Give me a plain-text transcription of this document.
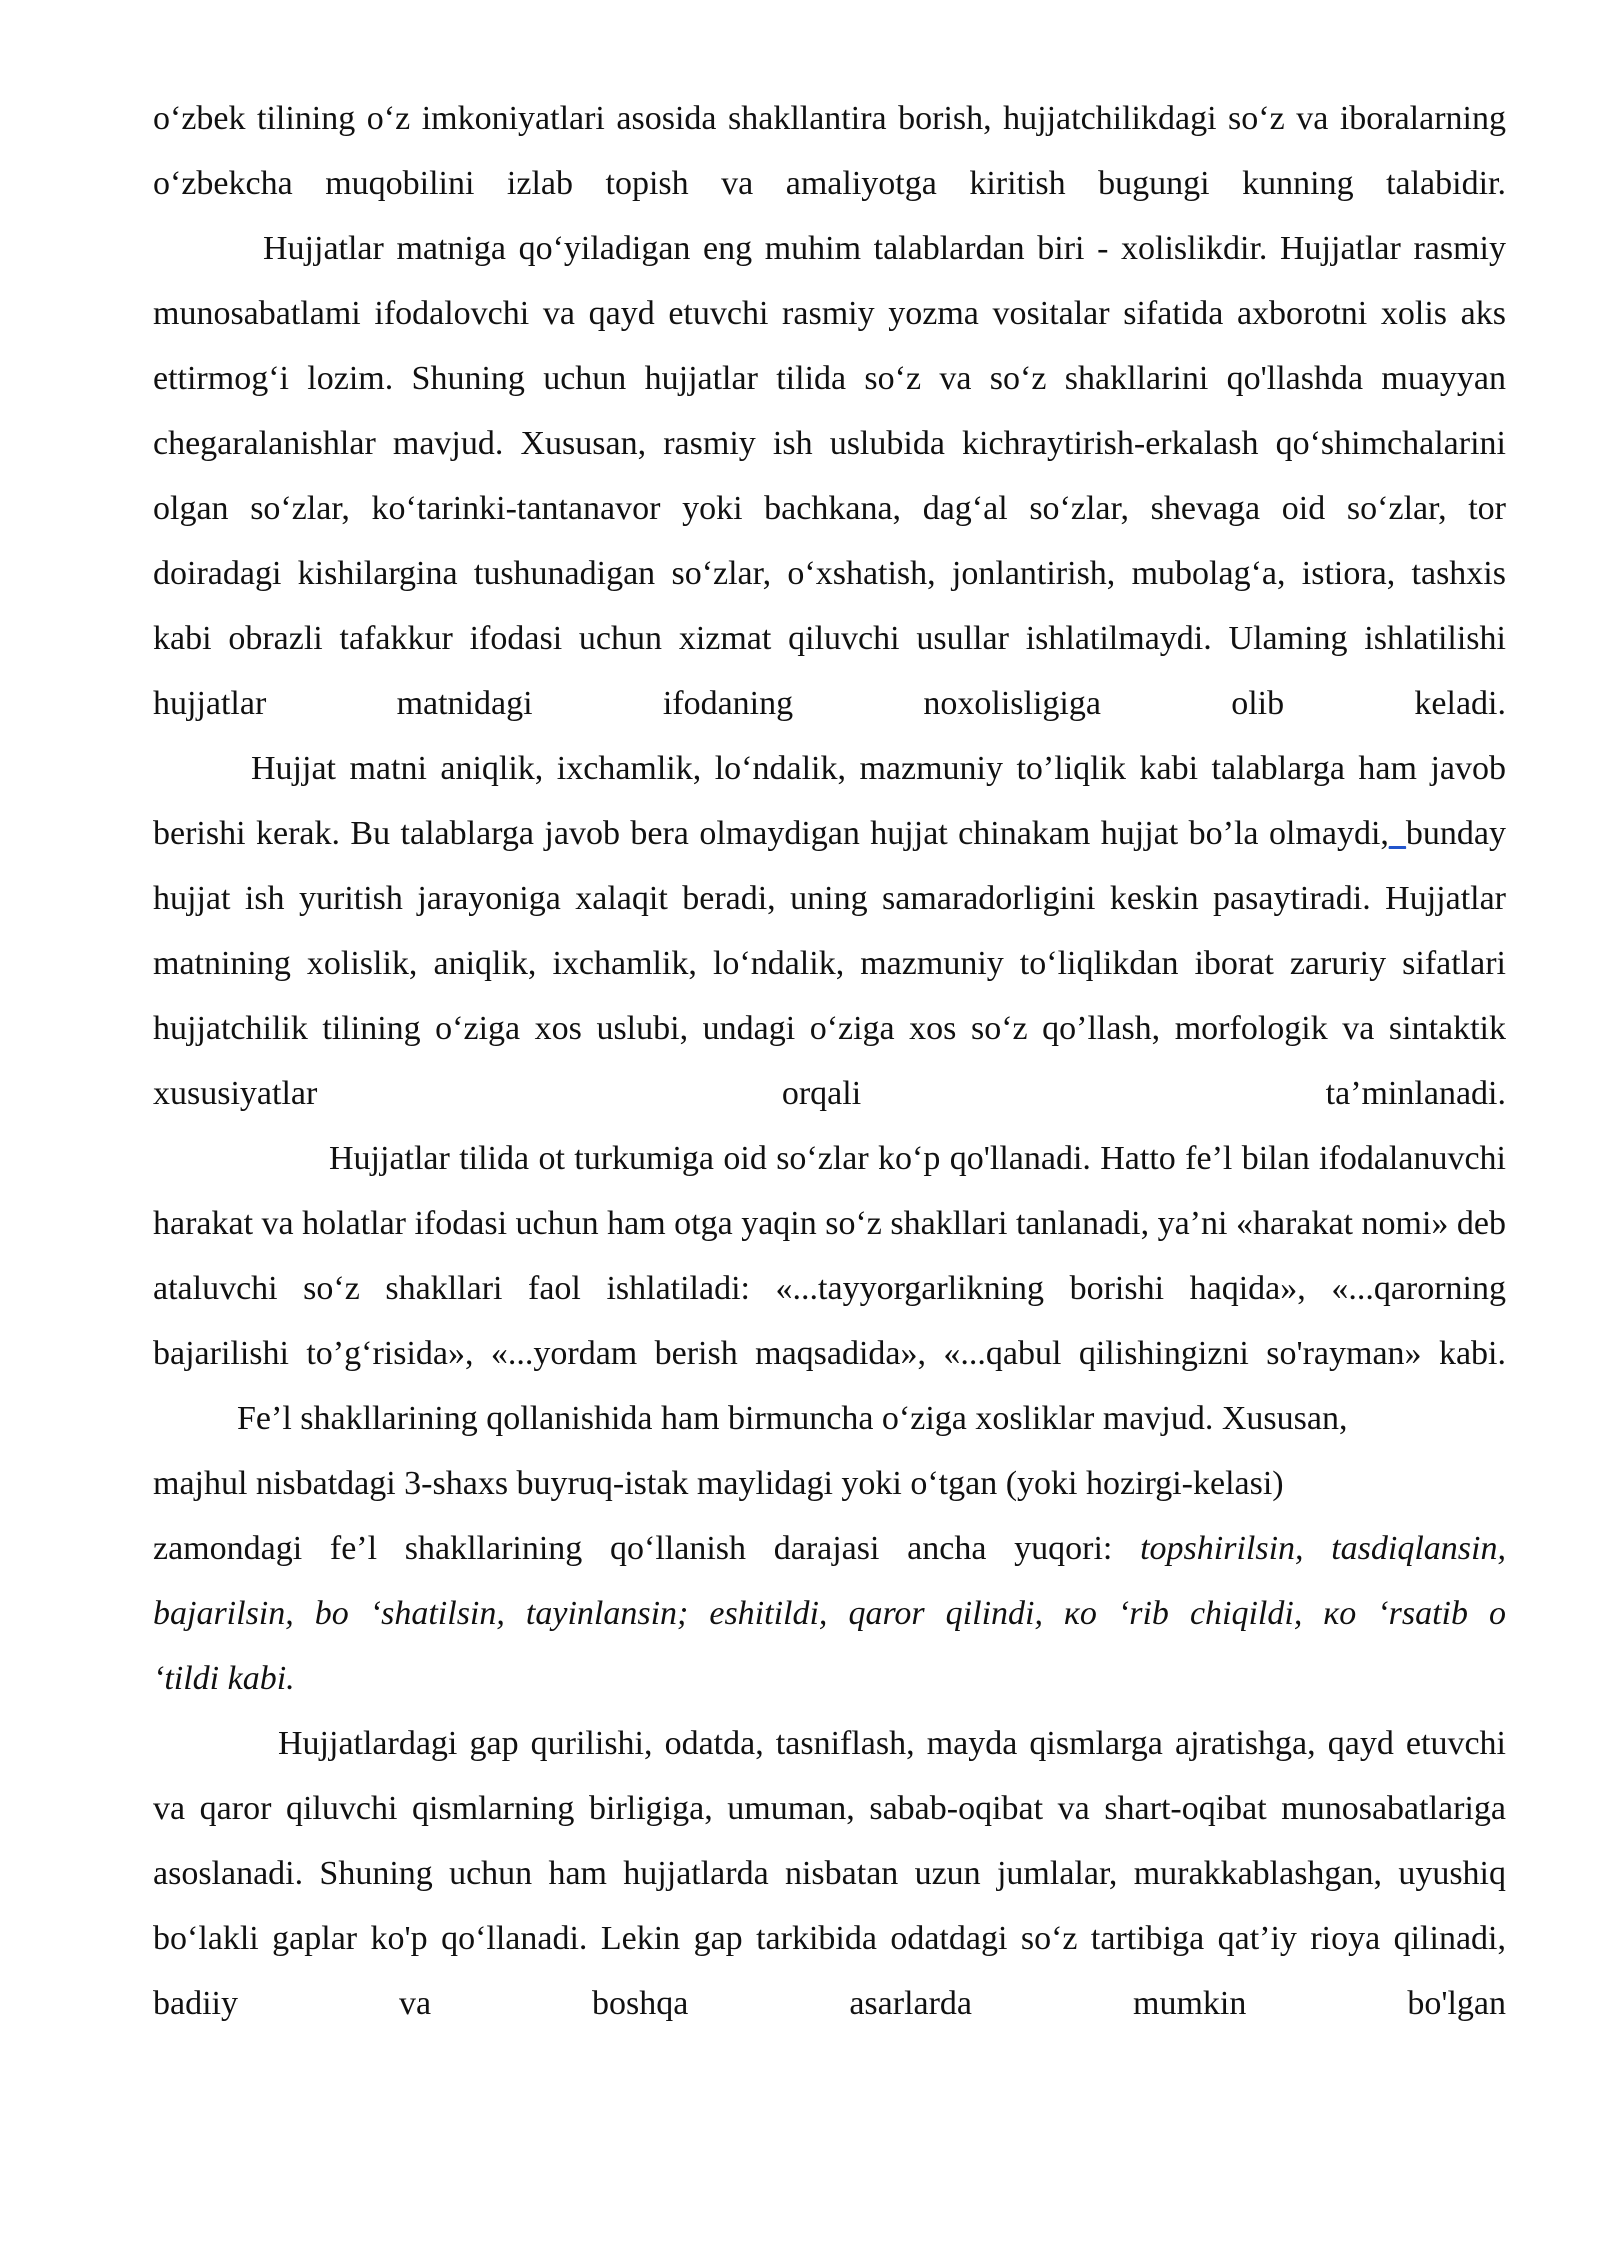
o‘zbek tilining o‘z imkoniyatlari asosida shakllantira borish, hujjatchilikdagi so‘z va iboralarning o‘zbekcha muqobilini izlab topish va amaliyotga kiritish bugungi kunning talabidir.

Hujjatlar matniga qo‘yiladigan eng muhim talablardan biri - xolislikdir. Hujjatlar rasmiy munosabatlami ifodalovchi va qayd etuvchi rasmiy yozma vositalar sifatida axborotni xolis aks ettirmog‘i lozim. Shuning uchun hujjatlar tilida so‘z va so‘z shakllarini qo'llashda muayyan chegaralanishlar mavjud. Xususan, rasmiy ish uslubida kichraytirish-erkalash qo‘shimchalarini olgan so‘zlar, ko‘tarinki-tantanavor yoki bachkana, dag‘al so‘zlar, shevaga oid so‘zlar, tor doiradagi kishilargina tushunadigan so‘zlar, o‘xshatish, jonlantirish, mubolag‘a, istiora, tashxis kabi obrazli tafakkur ifodasi uchun xizmat qiluvchi usullar ishlatilmaydi. Ulaming ishlatilishi hujjatlar matnidagi ifodaning noxolisligiga olib keladi.

Hujjat matni aniqlik, ixchamlik, lo‘ndalik, mazmuniy to’liqlik kabi talablarga ham javob berishi kerak. Bu talablarga javob bera olmaydigan hujjat chinakam hujjat bo’la olmaydi,_bunday hujjat ish yuritish jarayoniga xalaqit beradi, uning samaradorligini keskin pasaytiradi. Hujjatlar matnining xolislik, aniqlik, ixchamlik, lo‘ndalik, mazmuniy to‘liqlikdan iborat zaruriy sifatlari hujjatchilik tilining o‘ziga xos uslubi, undagi o‘ziga xos so‘z qo’llash, morfologik va sintaktik xususiyatlar orqali ta’minlanadi.

Hujjatlar tilida ot turkumiga oid so‘zlar ko‘p qo'llanadi. Hatto fe’l bilan ifodalanuvchi harakat va holatlar ifodasi uchun ham otga yaqin so‘z shakllari tanlanadi, ya’ni «harakat nomi» deb ataluvchi so‘z shakllari faol ishlatiladi: «...tayyorgarlikning borishi haqida», «...qarorning bajarilishi to’g‘risida», «...yordam berish maqsadida», «...qabul qilishingizni so'rayman» kabi.

Fe’l shakllarining qollanishida ham birmuncha o‘ziga xosliklar mavjud. Xususan,
majhul nisbatdagi 3-shaxs buyruq-istak maylidagi yoki o‘tgan (yoki hozirgi-kelasi)
zamondagi fe’l shakllarining qo‘llanish darajasi ancha yuqori: topshirilsin, tasdiqlansin,
bajarilsin, bo ‘shatilsin, tayinlansin; eshitildi, qaror qilindi, кo ‘rib chiqildi, кo ‘rsatib o
‘tildi kabi.

Hujjatlardagi gap qurilishi, odatda, tasniflash, mayda qismlarga ajratishga, qayd etuvchi va qaror qiluvchi qismlarning birligiga, umuman, sabab-oqibat va shart-oqibat munosabatlariga asoslanadi. Shuning uchun ham hujjatlarda nisbatan uzun jumlalar, murakkablashgan, uyushiq bo‘lakli gaplar ko'p qo‘llanadi. Lekin gap tarkibida odatdagi so‘z tartibiga qat’iy rioya qilinadi, badiiy va boshqa asarlarda mumkin bo'lgan
